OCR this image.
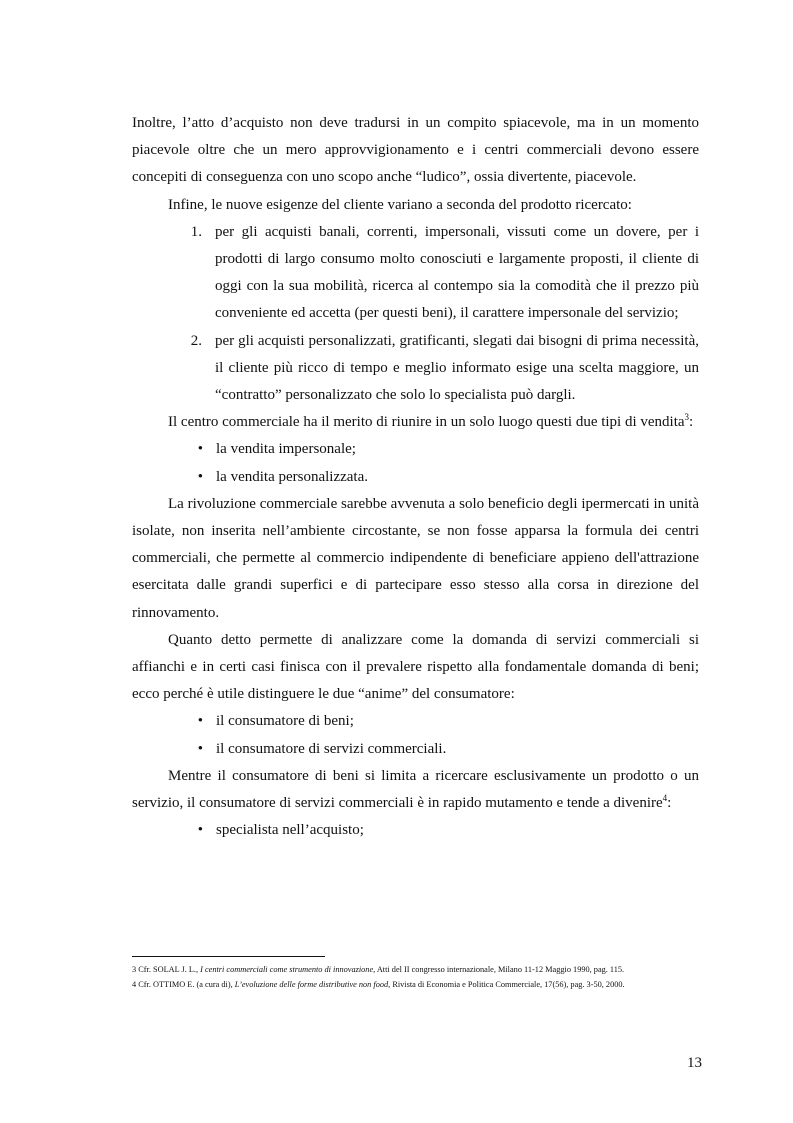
Inoltre, l’atto d’acquisto non deve tradursi in un compito spiacevole, ma in un momento piacevole oltre che un mero approvvigionamento e i centri commerciali devono essere concepiti di conseguenza con uno scopo anche “ludico”, ossia divertente, piacevole.

Infine, le nuove esigenze del cliente variano a seconda del prodotto ricercato:

1. per gli acquisti banali, correnti, impersonali, vissuti come un dovere, per i prodotti di largo consumo molto conosciuti e largamente proposti, il cliente di oggi con la sua mobilità, ricerca al contempo sia la comodità che il prezzo più conveniente ed accetta (per questi beni), il carattere impersonale del servizio;
2. per gli acquisti personalizzati, gratificanti, slegati dai bisogni di prima necessità, il cliente più ricco di tempo e meglio informato esige una scelta maggiore, un “contratto” personalizzato che solo lo specialista può dargli.

Il centro commerciale ha il merito di riunire in un solo luogo questi due tipi di vendita$^3$:

• la vendita impersonale;
• la vendita personalizzata.

La rivoluzione commerciale sarebbe avvenuta a solo beneficio degli ipermercati in unità isolate, non inserita nell’ambiente circostante, se non fosse apparsa la formula dei centri commerciali, che permette al commercio indipendente di beneficiare appieno dell'attrazione esercitata dalle grandi superfici e di partecipare esso stesso alla corsa in direzione del rinnovamento.

Quanto detto permette di analizzare come la domanda di servizi commerciali si affianchi e in certi casi finisca con il prevalere rispetto alla fondamentale domanda di beni; ecco perché è utile distinguere le due “anime” del consumatore:

• il consumatore di beni;
• il consumatore di servizi commerciali.

Mentre il consumatore di beni si limita a ricercare esclusivamente un prodotto o un servizio, il consumatore di servizi commerciali è in rapido mutamento e tende a divenire$^4$:

• specialista nell’acquisto;
3 Cfr. SOLAL J. L., I centri commerciali come strumento di innovazione, Atti del II congresso internazionale, Milano 11-12 Maggio 1990, pag. 115.
4 Cfr. OTTIMO E. (a cura di), L’evoluzione delle forme distributive non food, Rivista di Economia e Politica Commerciale, 17(56), pag. 3-50, 2000.
13
